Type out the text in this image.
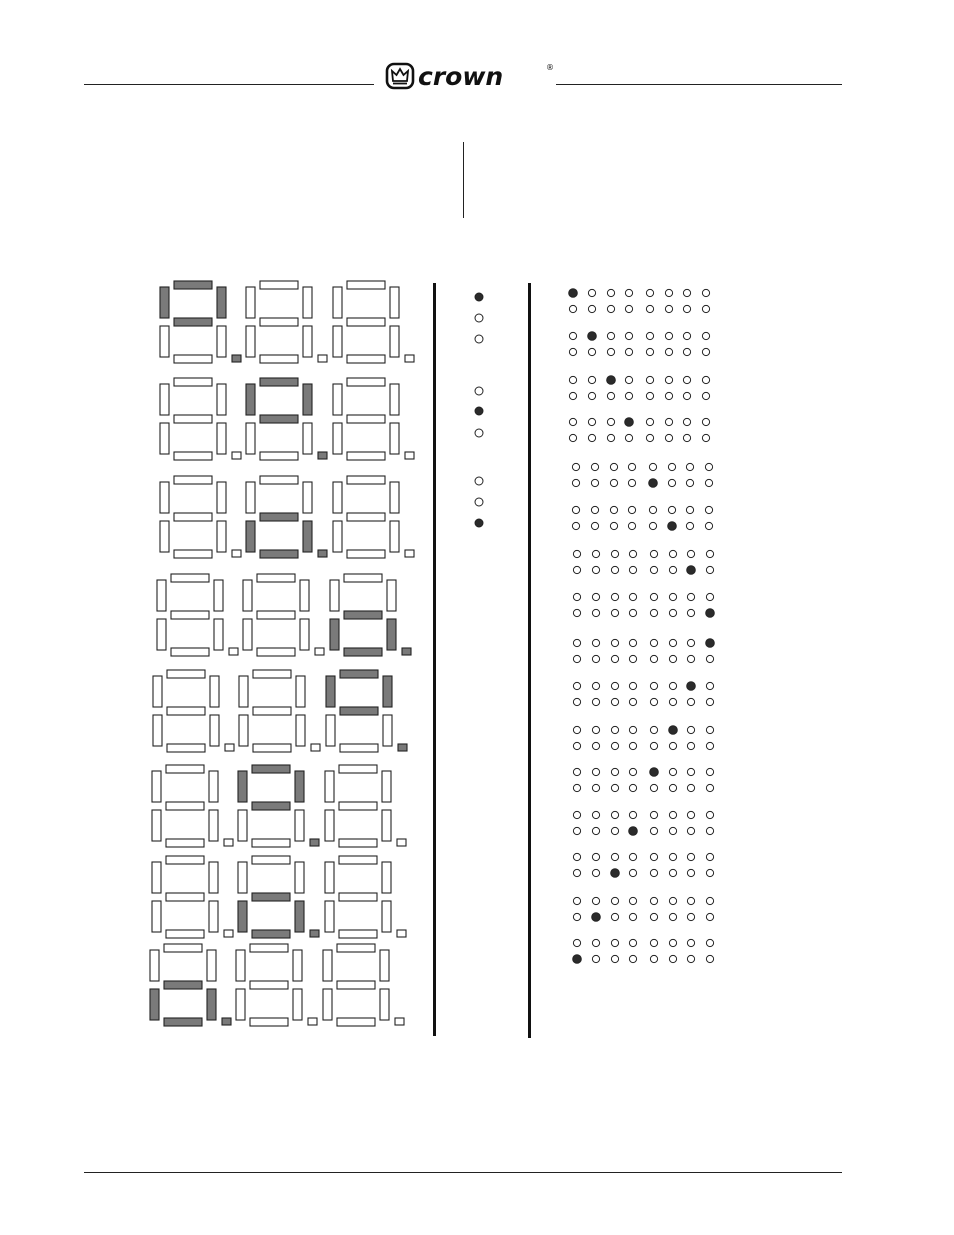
crown	®
